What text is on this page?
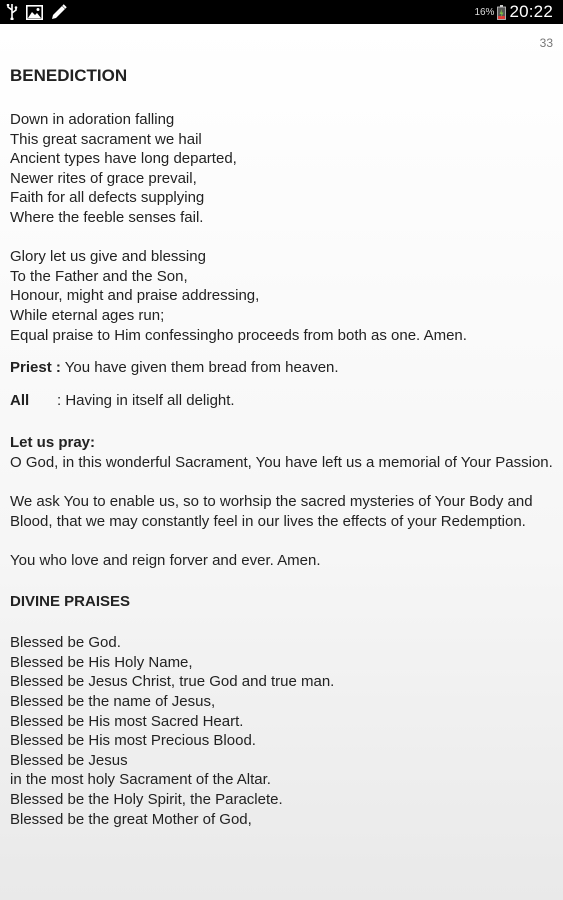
16% 20:22
33
BENEDICTION
Down in adoration falling
This great sacrament we hail
Ancient types have long departed,
Newer rites of grace prevail,
Faith for all defects supplying
Where the feeble senses fail.
Glory let us give and blessing
To the Father and the Son,
Honour, might and praise addressing,
While eternal ages run;
Equal praise to Him confessingho proceeds from both as one. Amen.
Priest : You have given them bread from heaven.
All : Having in itself all delight.
Let us pray:
O God, in this wonderful Sacrament, You have left us a memorial of Your Passion.
We ask You to enable us, so to worhsip the sacred mysteries of Your Body and Blood, that we may constantly feel in our lives the effects of your Redemption.
You who love and reign forver and ever. Amen.
DIVINE PRAISES
Blessed be God.
Blessed be His Holy Name,
Blessed be Jesus Christ, true God and true man.
Blessed be the name of Jesus,
Blessed be His most Sacred Heart.
Blessed be His most Precious Blood.
Blessed be Jesus
in the most holy Sacrament of the Altar.
Blessed be the Holy Spirit, the Paraclete.
Blessed be the great Mother of God,
